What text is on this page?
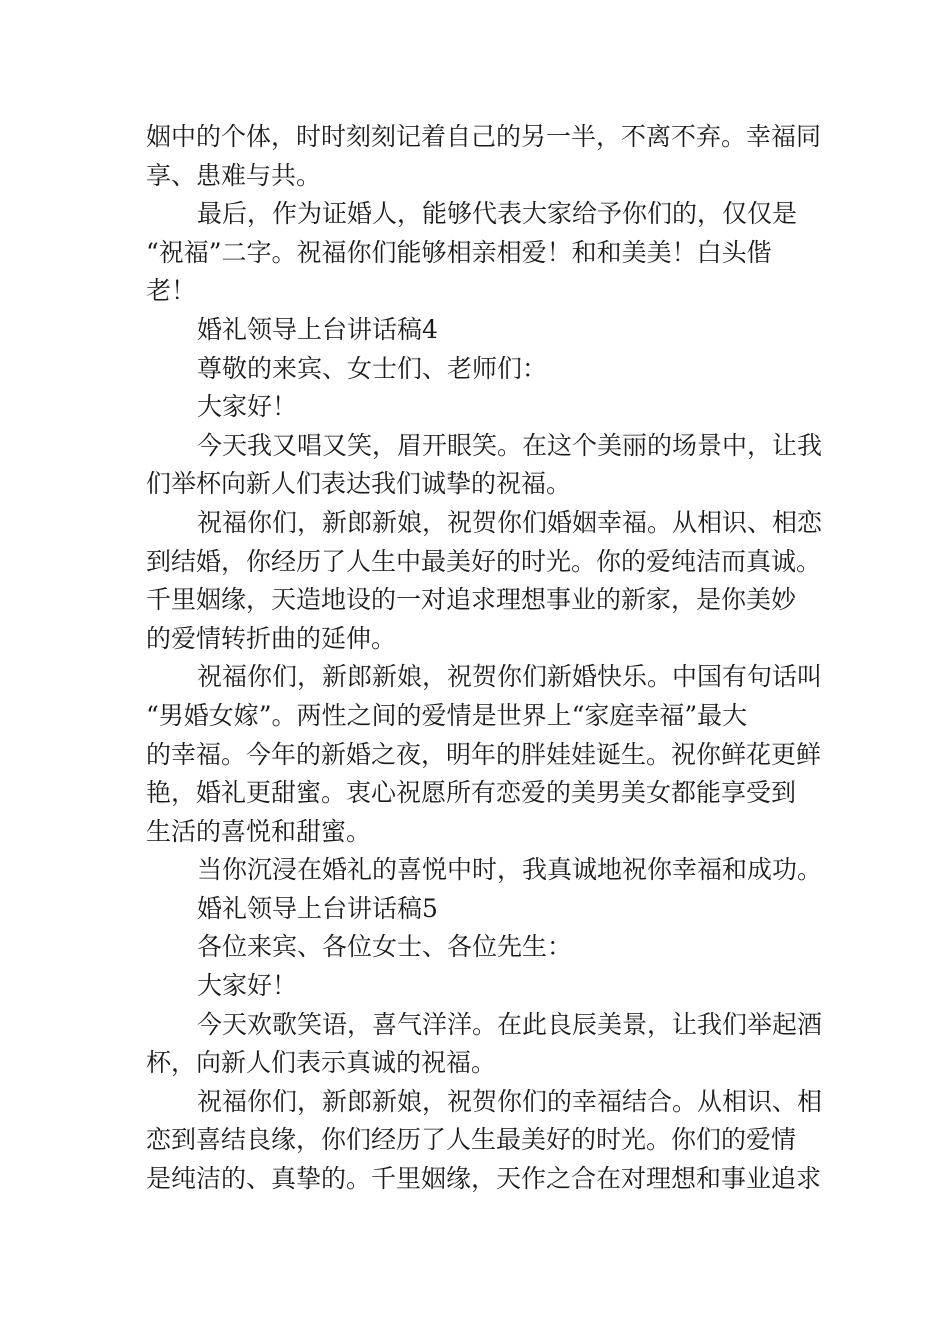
姻中的个体，时时刻刻记着自己的另一半，不离不弃。幸福同
享、患难与共。
最后，作为证婚人，能够代表大家给予你们的，仅仅是
“祝福”二字。祝福你们能够相亲相爱！和和美美！白头偕
老！
婚礼领导上台讲话稿4
尊敬的来宾、女士们、老师们：
大家好！
今天我又唱又笑，眉开眼笑。在这个美丽的场景中，让我
们举杯向新人们表达我们诚挚的祝福。
祝福你们，新郎新娘，祝贺你们婚姻幸福。从相识、相恋
到结婚，你经历了人生中最美好的时光。你的爱纯洁而真诚。
千里姻缘，天造地设的一对追求理想事业的新家，是你美妙
的爱情转折曲的延伸。
祝福你们，新郎新娘，祝贺你们新婚快乐。中国有句话叫
“男婚女嫁”。两性之间的爱情是世界上“家庭幸福”最大
的幸福。今年的新婚之夜，明年的胖娃娃诞生。祝你鲜花更鲜
艳，婚礼更甜蜜。衷心祝愿所有恋爱的美男美女都能享受到
生活的喜悦和甜蜜。
当你沉浸在婚礼的喜悦中时，我真诚地祝你幸福和成功。
婚礼领导上台讲话稿5
各位来宾、各位女士、各位先生：
大家好！
今天欢歌笑语，喜气洋洋。在此良辰美景，让我们举起酒
杯，向新人们表示真诚的祝福。
祝福你们，新郎新娘，祝贺你们的幸福结合。从相识、相
恋到喜结良缘，你们经历了人生最美好的时光。你们的爱情
是纯洁的、真挚的。千里姻缘，天作之合在对理想和事业追求
